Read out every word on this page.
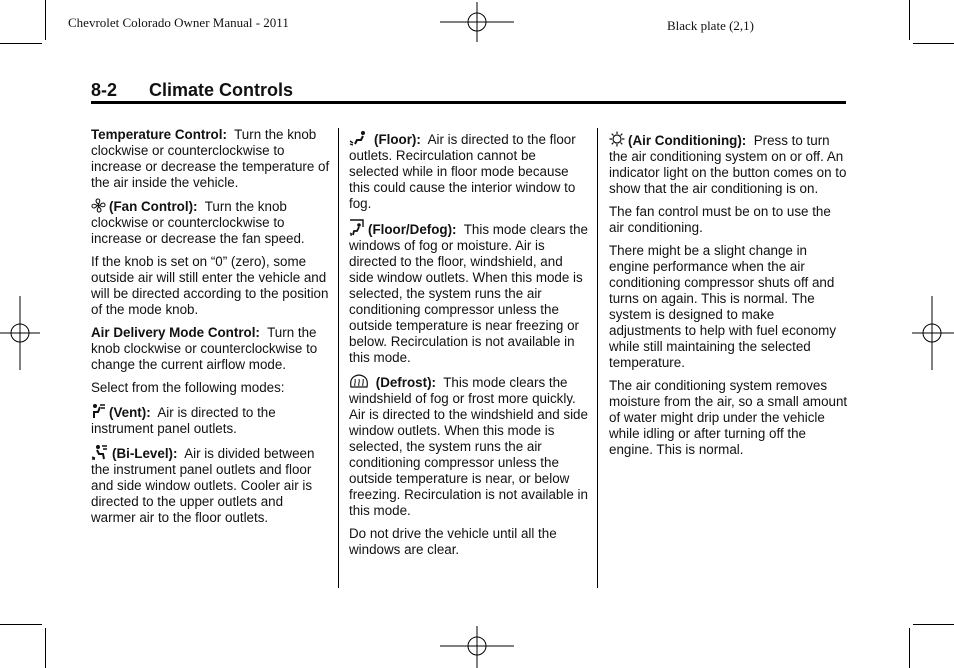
Chevrolet Colorado Owner Manual - 2011	Black plate (2,1)
8-2 Climate Controls

Temperature Control: Turn the knob clockwise or counterclockwise to increase or decrease the temperature of the air inside the vehicle.

(Fan Control): Turn the knob clockwise or counterclockwise to increase or decrease the fan speed.

If the knob is set on “0” (zero), some outside air will still enter the vehicle and will be directed according to the position of the mode knob.

Air Delivery Mode Control: Turn the knob clockwise or counterclockwise to change the current airflow mode.

Select from the following modes:

(Vent): Air is directed to the instrument panel outlets.

(Bi-Level): Air is divided between the instrument panel outlets and floor and side window outlets. Cooler air is directed to the upper outlets and warmer air to the floor outlets.

(Floor): Air is directed to the floor outlets. Recirculation cannot be selected while in floor mode because this could cause the interior window to fog.

(Floor/Defog): This mode clears the windows of fog or moisture. Air is directed to the floor, windshield, and side window outlets. When this mode is selected, the system runs the air conditioning compressor unless the outside temperature is near freezing or below. Recirculation is not available in this mode.

(Defrost): This mode clears the windshield of fog or frost more quickly. Air is directed to the windshield and side window outlets. When this mode is selected, the system runs the air conditioning compressor unless the outside temperature is near, or below freezing. Recirculation is not available in this mode.

Do not drive the vehicle until all the windows are clear.

(Air Conditioning): Press to turn the air conditioning system on or off. An indicator light on the button comes on to show that the air conditioning is on.

The fan control must be on to use the air conditioning.

There might be a slight change in engine performance when the air conditioning compressor shuts off and turns on again. This is normal. The system is designed to make adjustments to help with fuel economy while still maintaining the selected temperature.

The air conditioning system removes moisture from the air, so a small amount of water might drip under the vehicle while idling or after turning off the engine. This is normal.
